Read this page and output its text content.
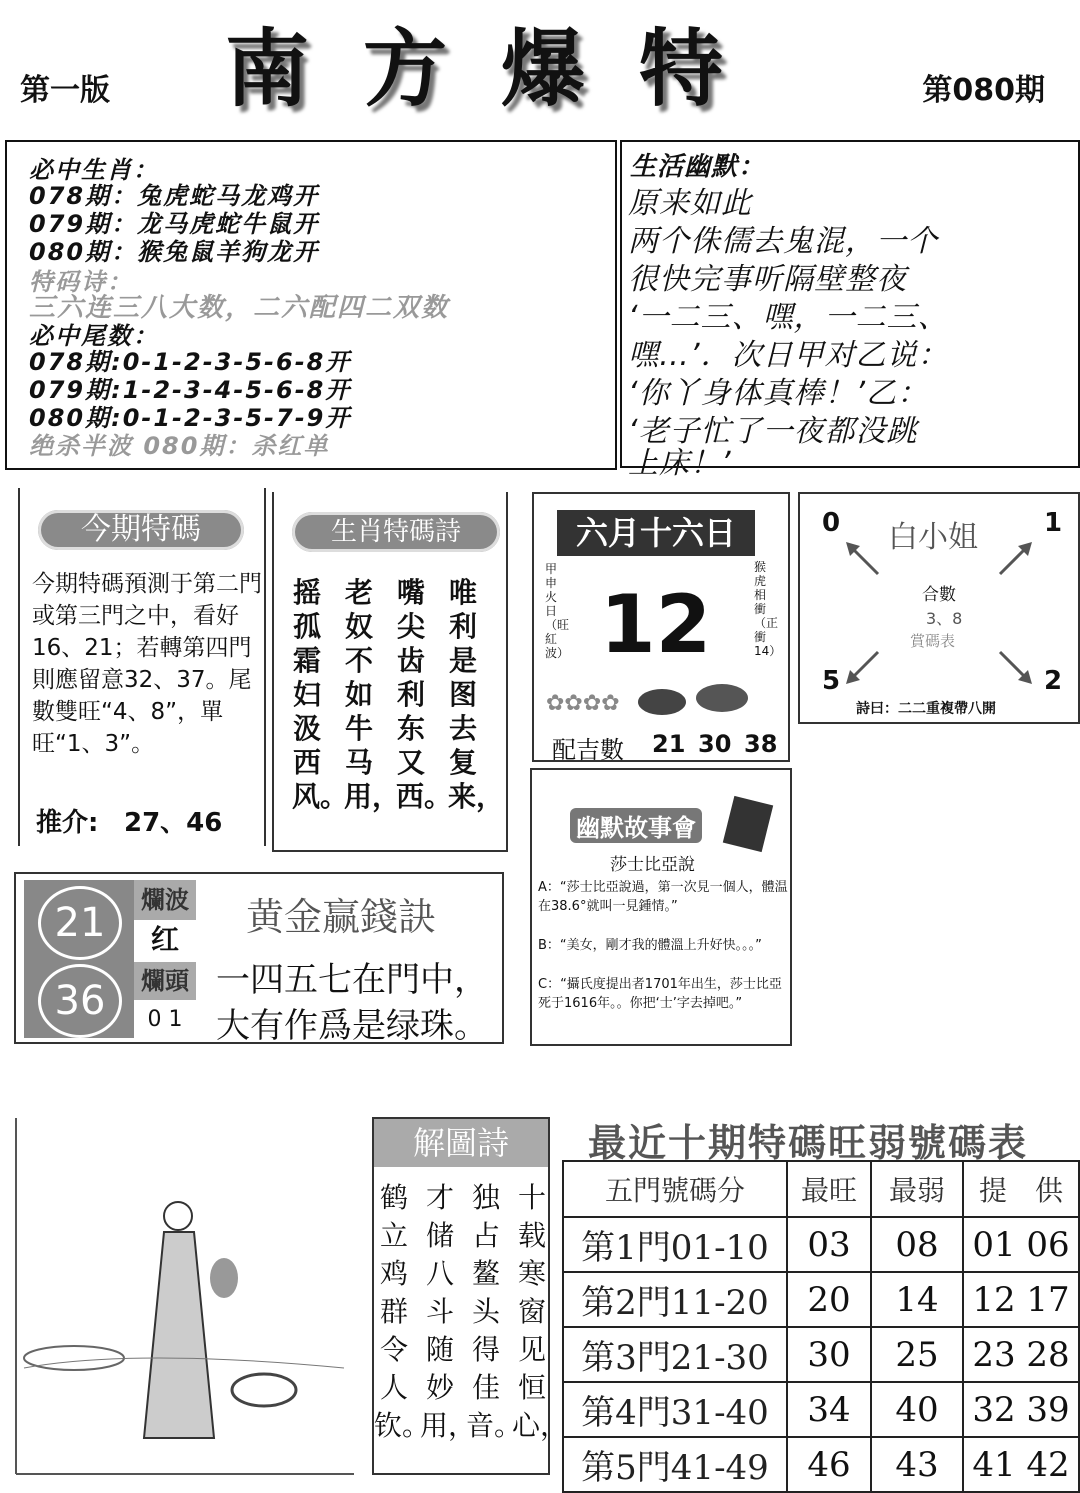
第一版 南方爆特	第080期
必中生肖：
078期：兔虎蛇马龙鸡开
079期：龙马虎蛇牛鼠开
080期：猴兔鼠羊狗龙开
特码诗：
三六连三八大数，二六配四二双数
必中尾数：
078期:0-1-2-3-5-6-8开
079期:1-2-3-4-5-6-8开
080期:0-1-2-3-5-7-9开
绝杀半波 080期：杀红单
生活幽默：
原来如此
两个侏儒去鬼混，一个
很快完事听隔壁整夜
‘一二三、嘿，一二三、
嘿…’．次日甲对乙说：
‘你丫身体真棒！’乙：
‘老子忙了一夜都没跳
上床！’
今期特碼
今期特碼預測于第二門或第三門之中，看好16、21；若轉第四門則應留意32、37。尾數雙旺“4、8”，單旺“1、3”。
推介: 27、46
生肖特碼詩
唯利是图去复来，
嘴尖齿利东又西。
老奴不如牛马用，
摇孤霜妇汲西风。
六月十六日
12
甲申火日（旺紅波）
猴虎相衝（正衝14）
✿✿✿✿
配吉數 21 30 38
白小姐
0	1
5	2
合數
3、8
賞碼表
詩曰：二二重複帶八開
幽默故事會
莎士比亞說
A：“莎士比亞說過，第一次見一個人，體温在38.6°就叫一見鍾情。”
B：“美女，剛才我的體溫上升好快。。。”
C：“攝氏度提出者1701年出生，莎士比亞死于1616年。。你把‘士’字去掉吧。”
21
36
爛波
红
爛頭
0 1
黄金赢錢訣
一四五七在門中，
大有作爲是绿珠。
解圖詩
十载寒窗见恒心，
独占鳌头得佳音。
才储八斗随妙用，
鹤立鸡群令人钦。
最近十期特碼旺弱號碼表
五門號碼分	最旺	最弱	提　供
第1門01-10	03	08	01 06
第2門11-20	20	14	12 17
第3門21-30	30	25	23 28
第4門31-40	34	40	32 39
第5門41-49	46	43	41 42
